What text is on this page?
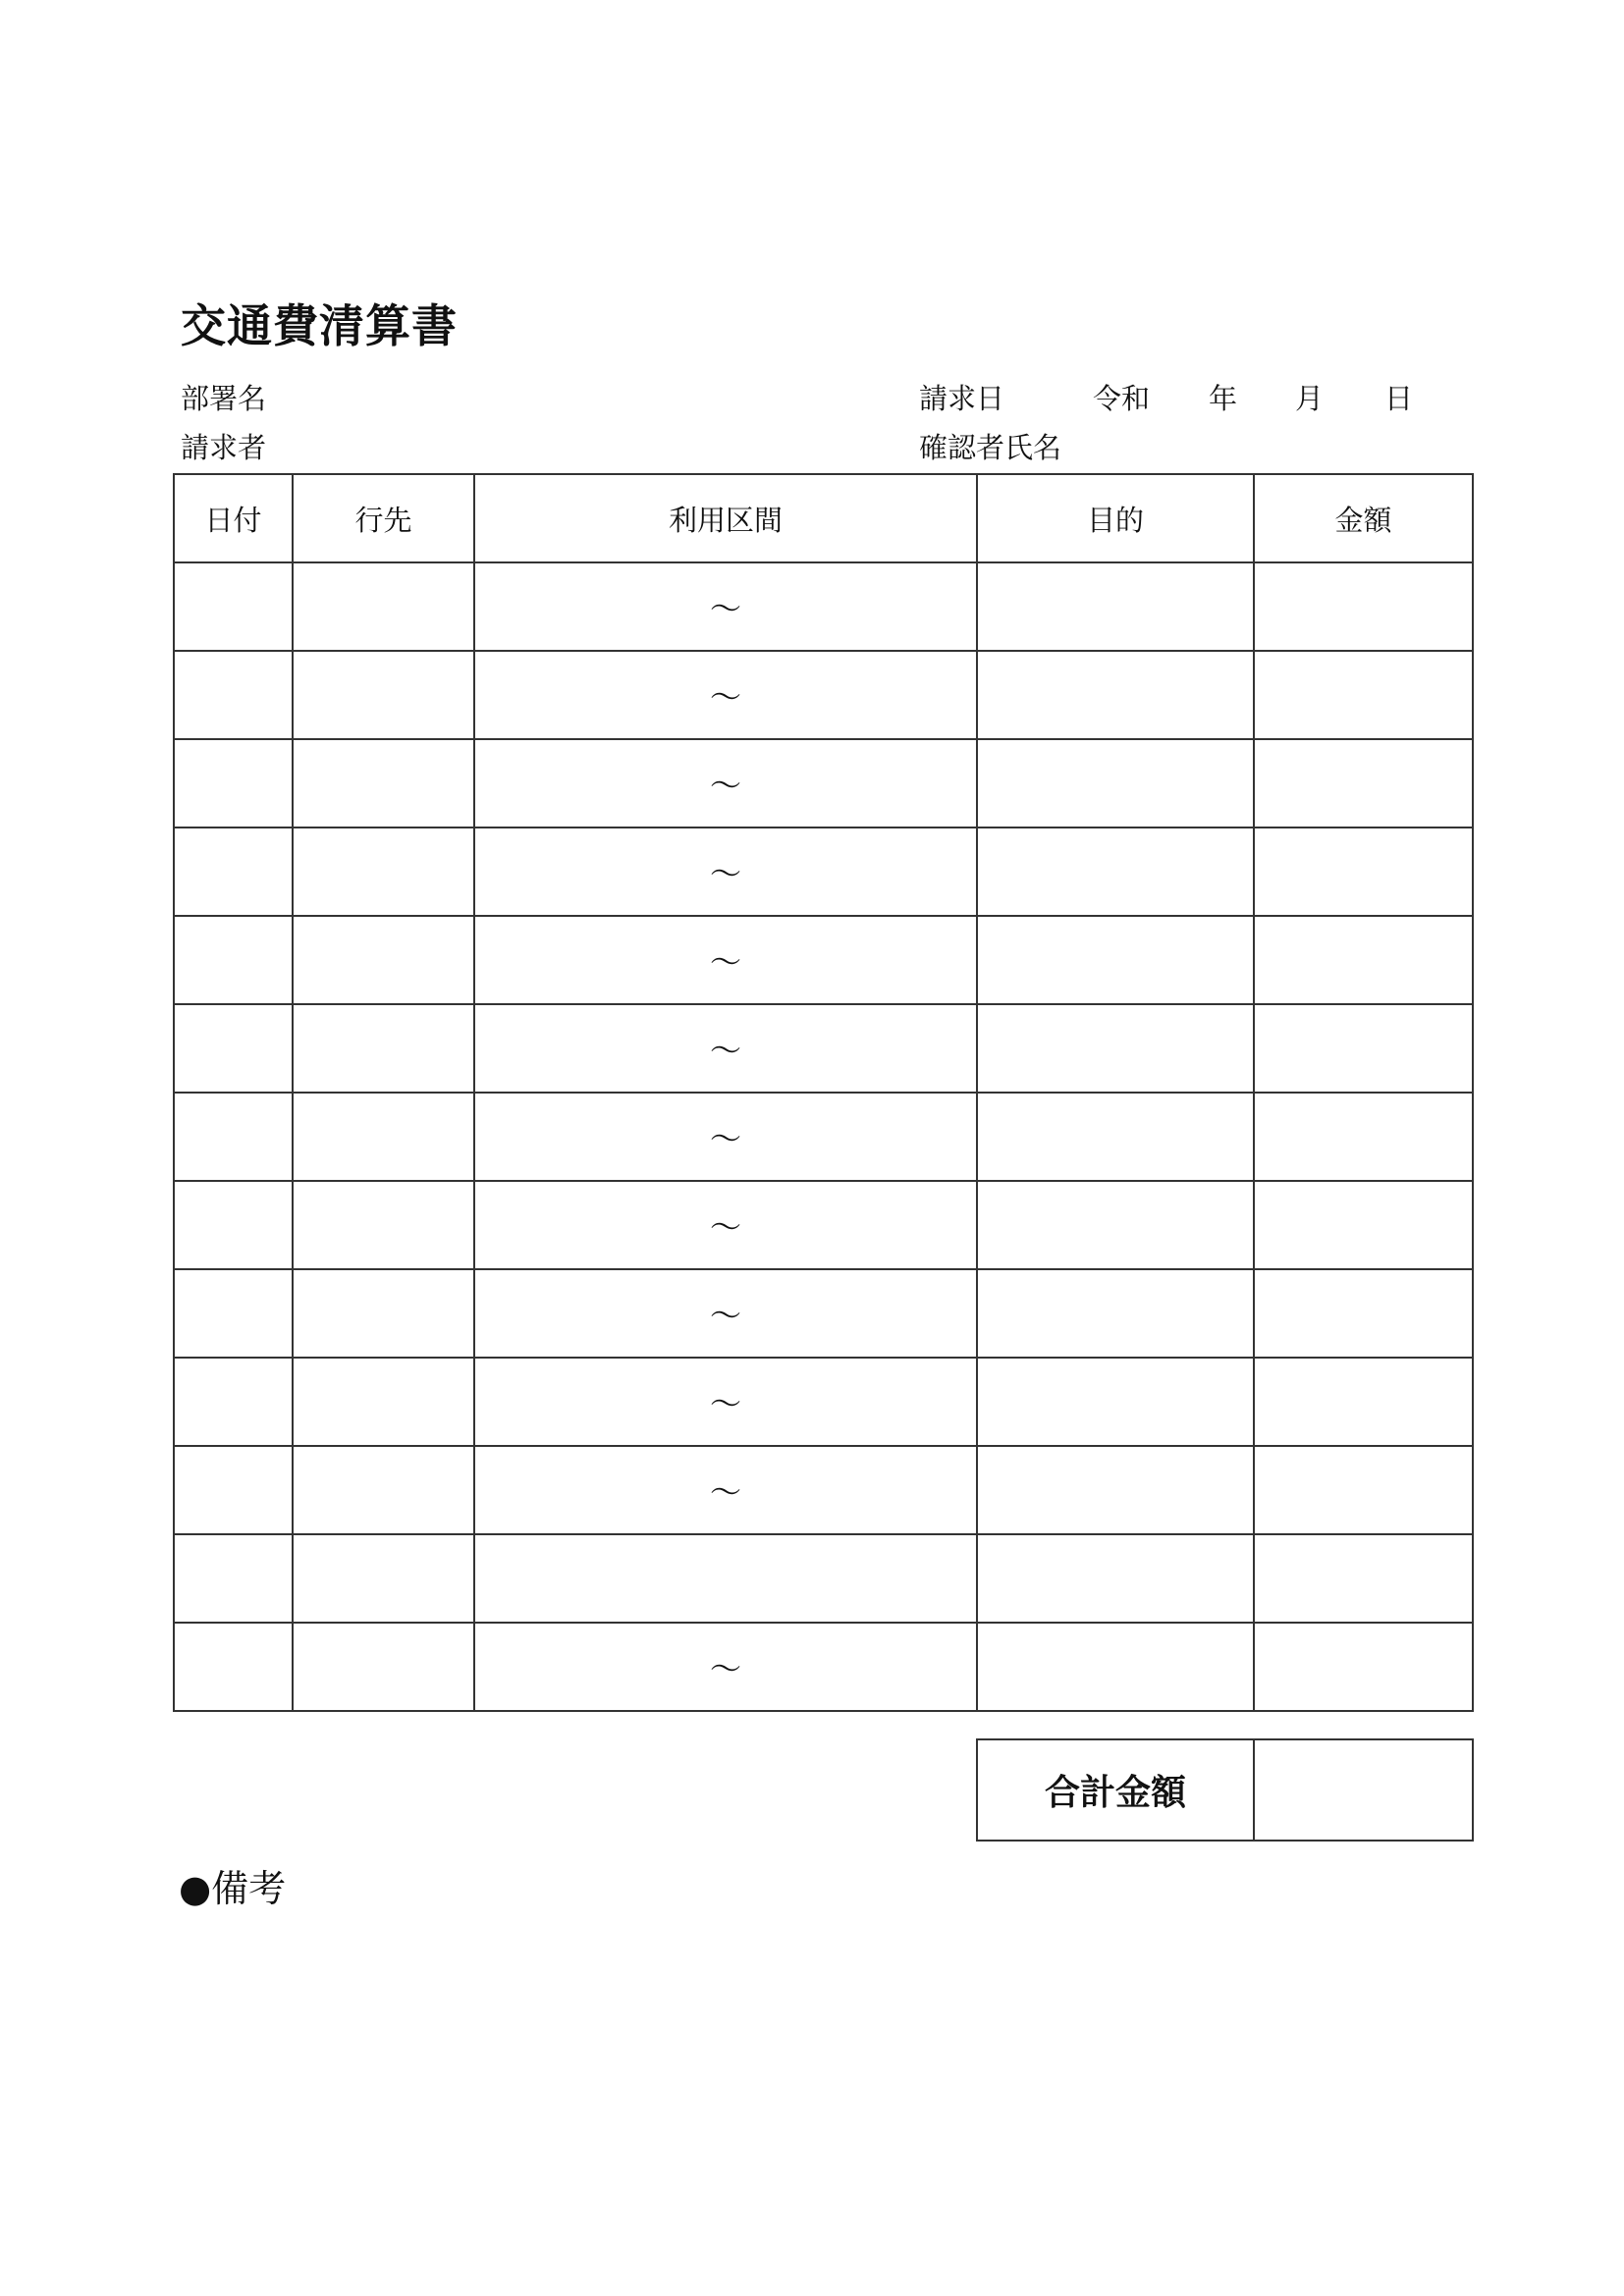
交通費清算書
部署名
請求者
請求日	令和 年 月 日
確認者氏名
日付	行先	利用区間	目的	金額
		～		
		～		
		～		
		～		
		～		
		～		
		～		
		～		
		～		
		～		
		～		

		～		
合計金額	
●備考
